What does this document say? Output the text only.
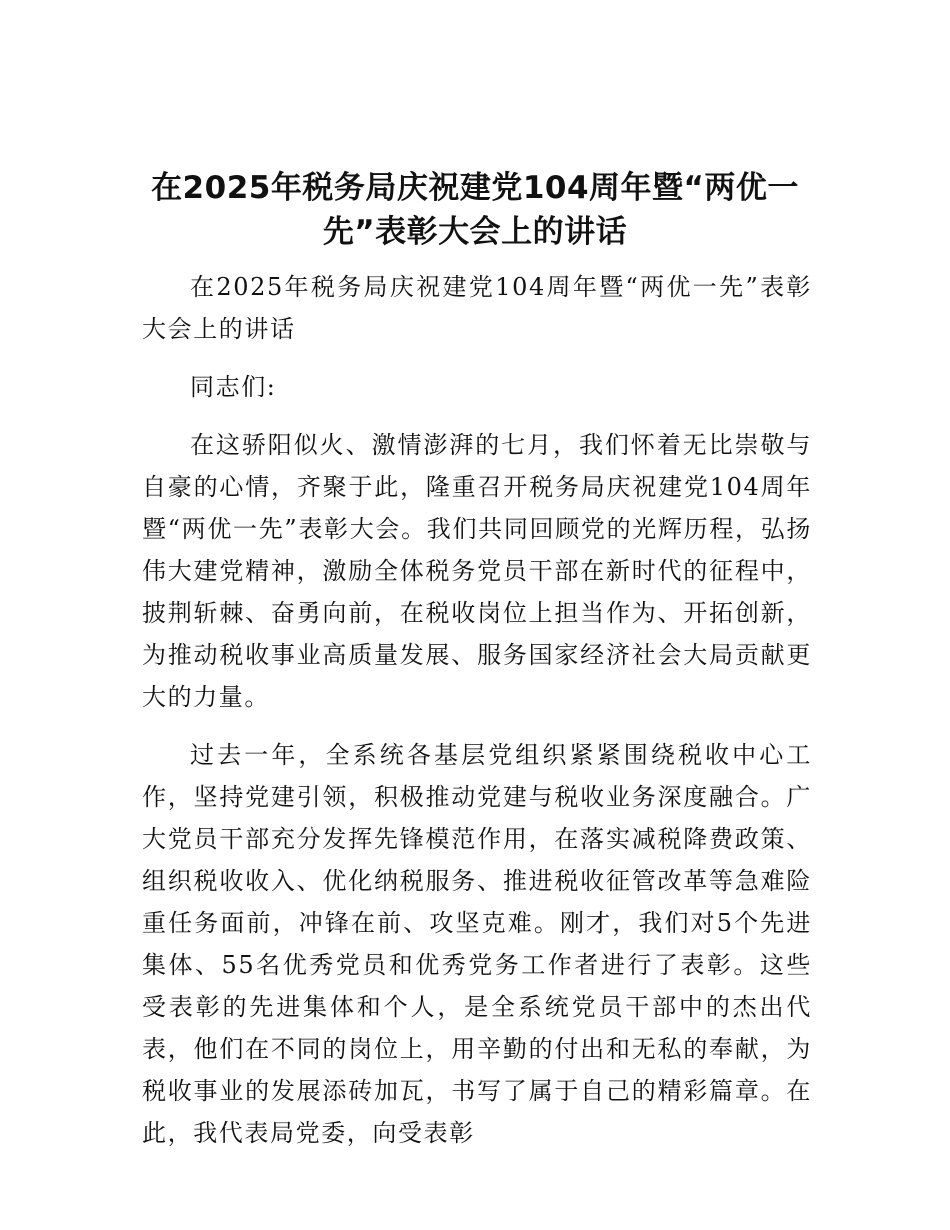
在2025年税务局庆祝建党104周年暨“两优一先”表彰大会上的讲话

在2025年税务局庆祝建党104周年暨“两优一先”表彰大会上的讲话

同志们:

在这骄阳似火、激情澎湃的七月，我们怀着无比崇敬与自豪的心情，齐聚于此，隆重召开税务局庆祝建党104周年暨“两优一先”表彰大会。我们共同回顾党的光辉历程，弘扬伟大建党精神，激励全体税务党员干部在新时代的征程中，披荆斩棘、奋勇向前，在税收岗位上担当作为、开拓创新，为推动税收事业高质量发展、服务国家经济社会大局贡献更大的力量。

过去一年，全系统各基层党组织紧紧围绕税收中心工作，坚持党建引领，积极推动党建与税收业务深度融合。广大党员干部充分发挥先锋模范作用，在落实减税降费政策、组织税收收入、优化纳税服务、推进税收征管改革等急难险重任务面前，冲锋在前、攻坚克难。刚才，我们对5个先进集体、55名优秀党员和优秀党务工作者进行了表彰。这些受表彰的先进集体和个人，是全系统党员干部中的杰出代表，他们在不同的岗位上，用辛勤的付出和无私的奉献，为税收事业的发展添砖加瓦，书写了属于自己的精彩篇章。在此，我代表局党委，向受表彰
